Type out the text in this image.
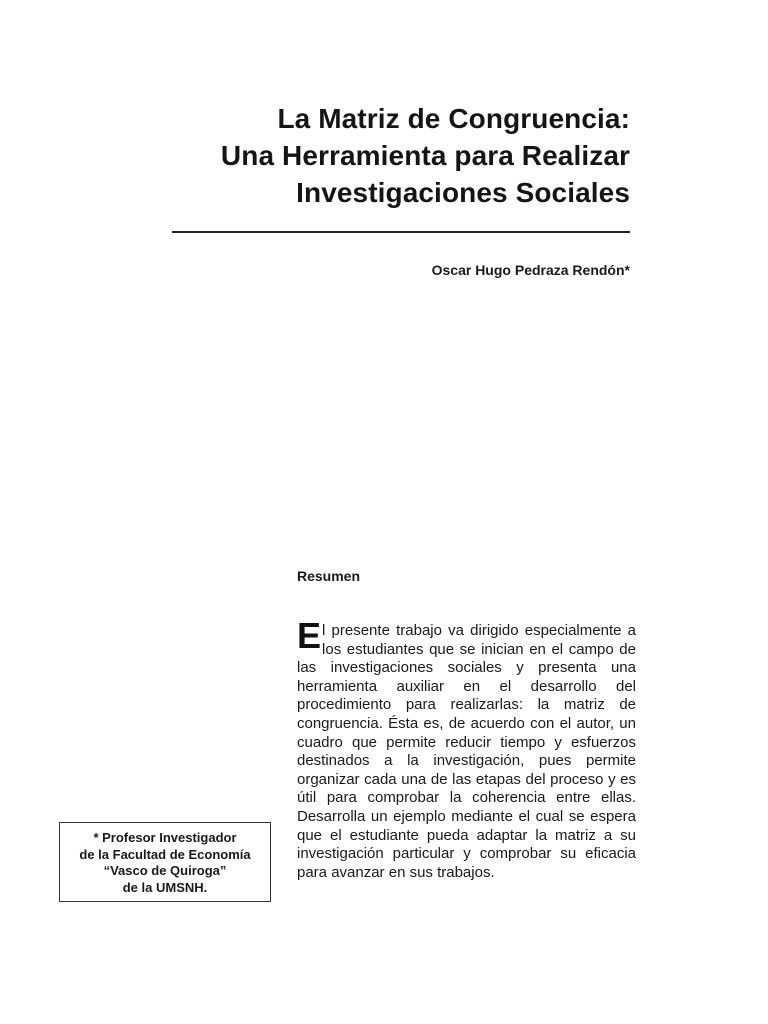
La Matriz de Congruencia:
Una Herramienta para Realizar
Investigaciones Sociales
Oscar Hugo Pedraza Rendón*
Resumen
El presente trabajo va dirigido especialmente a los estudiantes que se inician en el campo de las investigaciones sociales y presenta una herramienta auxiliar en el desarrollo del procedimiento para realizarlas: la matriz de congruencia. Ésta es, de acuerdo con el autor, un cuadro que permite reducir tiempo y esfuerzos destinados a la investigación, pues permite organizar cada una de las etapas del proceso y es útil para comprobar la coherencia entre ellas. Desarrolla un ejemplo mediante el cual se espera que el estudiante pueda adaptar la matriz a su investigación particular y comprobar su eficacia para avanzar en sus trabajos.
* Profesor Investigador
de la Facultad de Economía
“Vasco de Quiroga”
de la UMSNH.
